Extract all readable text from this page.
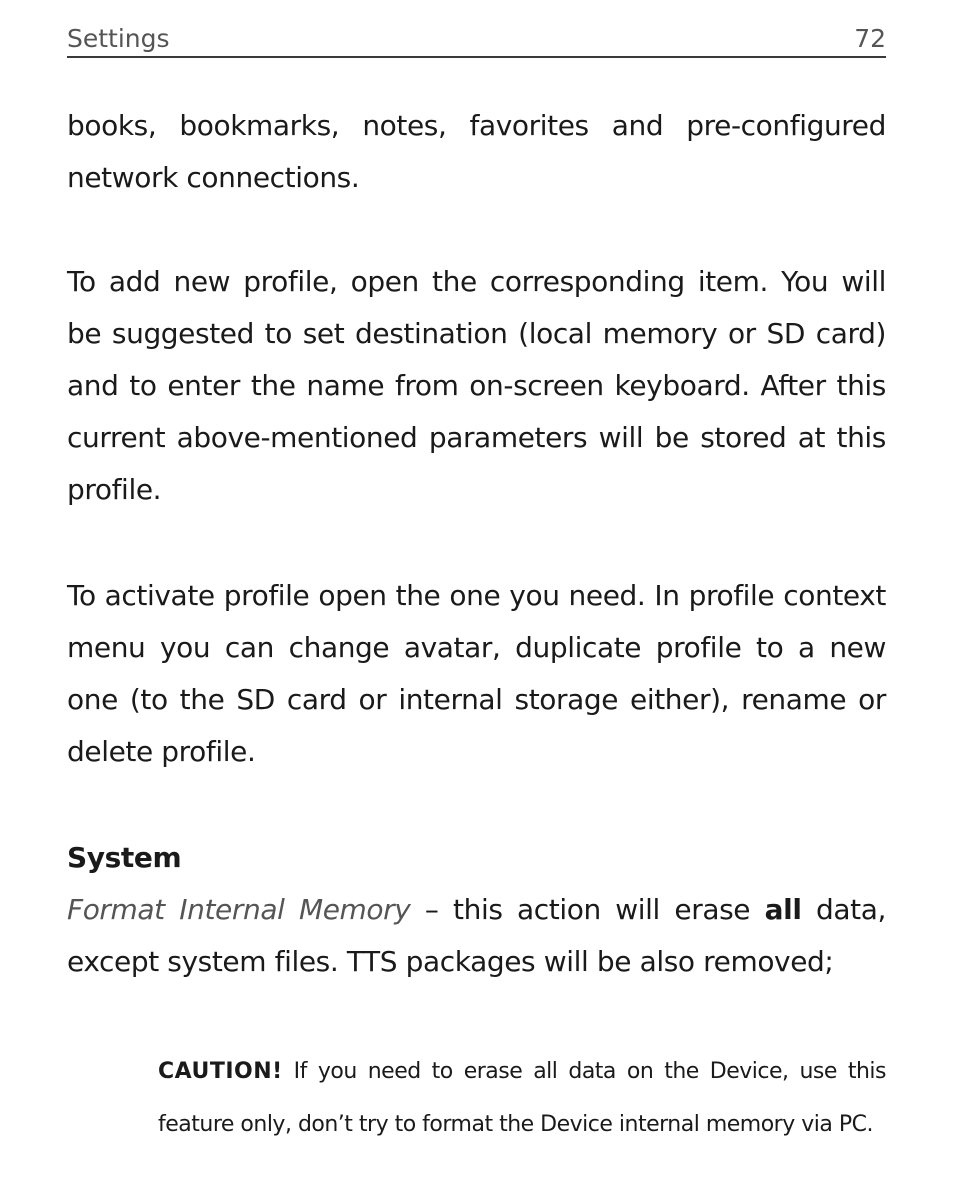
Settings	72

books, bookmarks, notes, favorites and pre-configured network connections.

To add new profile, open the corresponding item. You will be suggested to set destination (local memory or SD card) and to enter the name from on-screen keyboard. After this current above-mentioned parameters will be stored at this profile.

To activate profile open the one you need. In profile context menu you can change avatar, duplicate profile to a new one (to the SD card or internal storage either), rename or delete profile.

System

Format Internal Memory – this action will erase all data, except system files. TTS packages will be also removed;

CAUTION! If you need to erase all data on the Device, use this feature only, don’t try to format the Device internal memory via PC.
